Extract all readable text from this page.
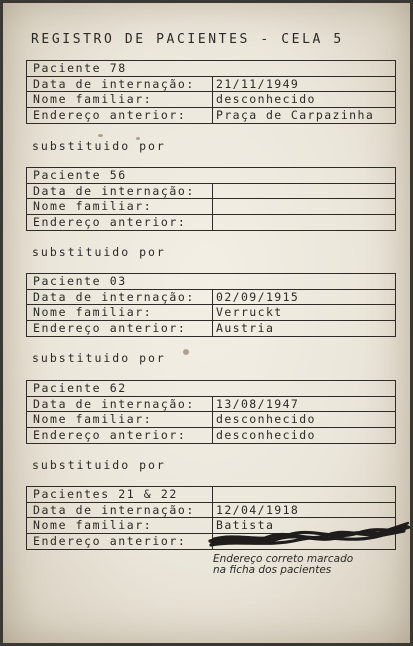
REGISTRO DE PACIENTES - CELA 5
Paciente 78
Data de internação:	21/11/1949
Nome familiar:	desconhecido
Endereço anterior:	Praça de Carpazinha
substituido por
Paciente 56
Data de internação:
Nome familiar:
Endereço anterior:
substituido por
Paciente 03
Data de internação:	02/09/1915
Nome familiar:	Verruckt
Endereço anterior:	Austria
substituido por
Paciente 62
Data de internação:	13/08/1947
Nome familiar:	desconhecido
Endereço anterior:	desconhecido
substituido por
Pacientes 21 & 22
Data de internação:	12/04/1918
Nome familiar:	Batista
Endereço anterior:
Endereço correto marcado
na ficha dos pacientes
